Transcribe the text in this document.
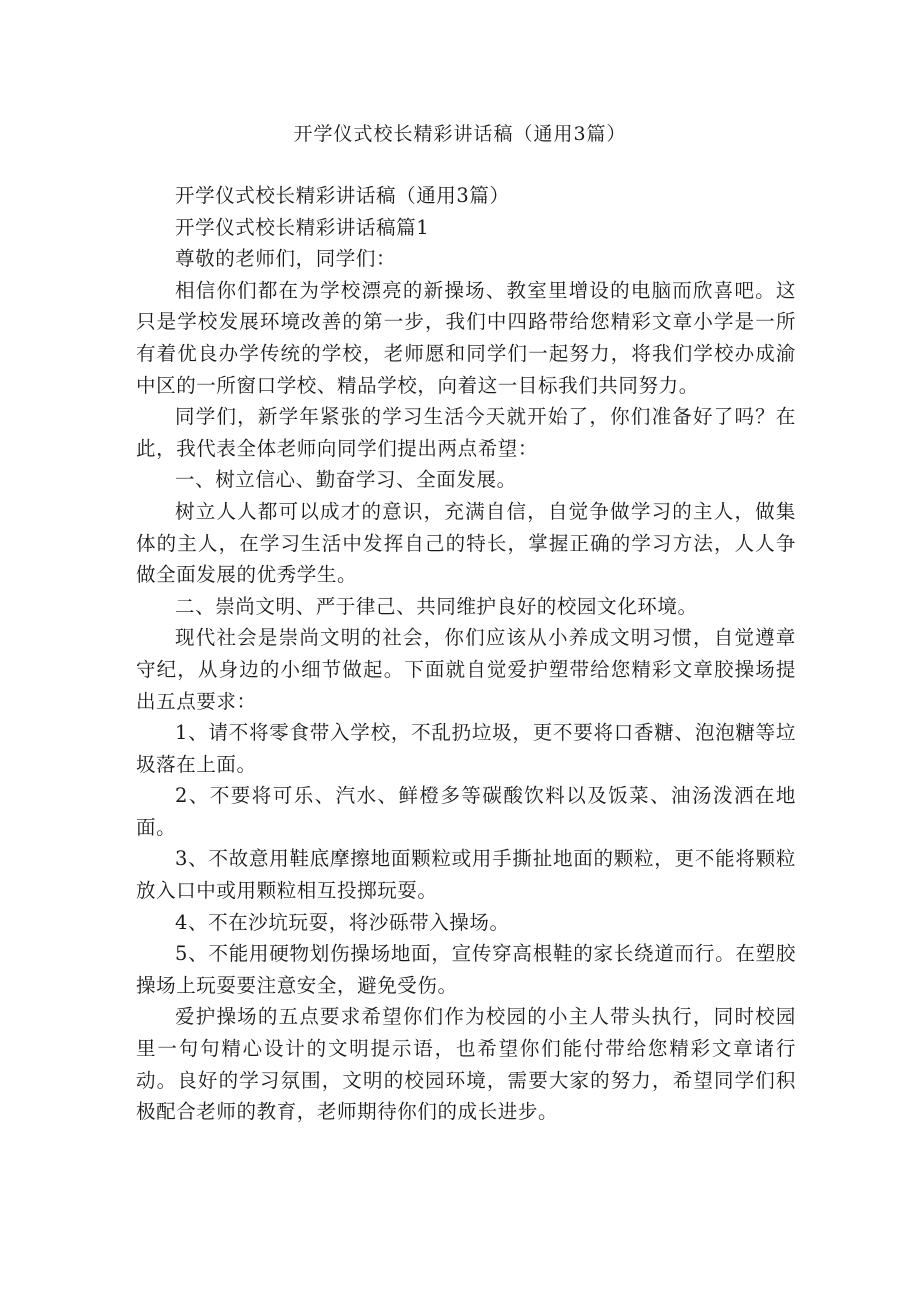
开学仪式校长精彩讲话稿（通用3篇）

开学仪式校长精彩讲话稿（通用3篇）

开学仪式校长精彩讲话稿篇1

尊敬的老师们，同学们：

相信你们都在为学校漂亮的新操场、教室里增设的电脑而欣喜吧。这只是学校发展环境改善的第一步，我们中四路带给您精彩文章小学是一所有着优良办学传统的学校，老师愿和同学们一起努力，将我们学校办成渝中区的一所窗口学校、精品学校，向着这一目标我们共同努力。

同学们，新学年紧张的学习生活今天就开始了，你们准备好了吗？在此，我代表全体老师向同学们提出两点希望：

一、树立信心、勤奋学习、全面发展。

树立人人都可以成才的意识，充满自信，自觉争做学习的主人，做集体的主人，在学习生活中发挥自己的特长，掌握正确的学习方法，人人争做全面发展的优秀学生。

二、崇尚文明、严于律己、共同维护良好的校园文化环境。

现代社会是崇尚文明的社会，你们应该从小养成文明习惯，自觉遵章守纪，从身边的小细节做起。下面就自觉爱护塑带给您精彩文章胶操场提出五点要求：

1、请不将零食带入学校，不乱扔垃圾，更不要将口香糖、泡泡糖等垃圾落在上面。

2、不要将可乐、汽水、鲜橙多等碳酸饮料以及饭菜、油汤泼洒在地面。

3、不故意用鞋底摩擦地面颗粒或用手撕扯地面的颗粒，更不能将颗粒放入口中或用颗粒相互投掷玩耍。

4、不在沙坑玩耍，将沙砾带入操场。

5、不能用硬物划伤操场地面，宣传穿高根鞋的家长绕道而行。在塑胶操场上玩耍要注意安全，避免受伤。

爱护操场的五点要求希望你们作为校园的小主人带头执行，同时校园里一句句精心设计的文明提示语，也希望你们能付带给您精彩文章诸行动。良好的学习氛围，文明的校园环境，需要大家的努力，希望同学们积极配合老师的教育，老师期待你们的成长进步。
